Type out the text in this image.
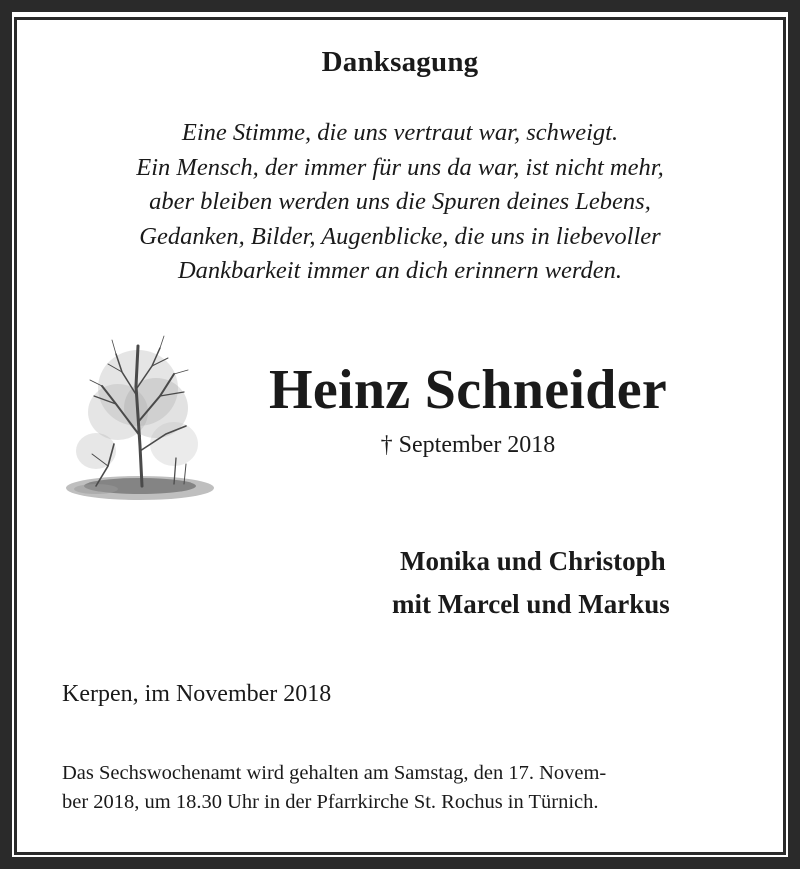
Danksagung
Eine Stimme, die uns vertraut war, schweigt.
Ein Mensch, der immer für uns da war, ist nicht mehr,
aber bleiben werden uns die Spuren deines Lebens,
Gedanken, Bilder, Augenblicke, die uns in liebevoller
Dankbarkeit immer an dich erinnern werden.
Heinz Schneider
† September 2018
Monika und Christoph
mit Marcel und Markus
Kerpen, im November 2018
Das Sechswochenamt wird gehalten am Samstag, den 17. Novem-
ber 2018, um 18.30 Uhr in der Pfarrkirche St. Rochus in Türnich.
